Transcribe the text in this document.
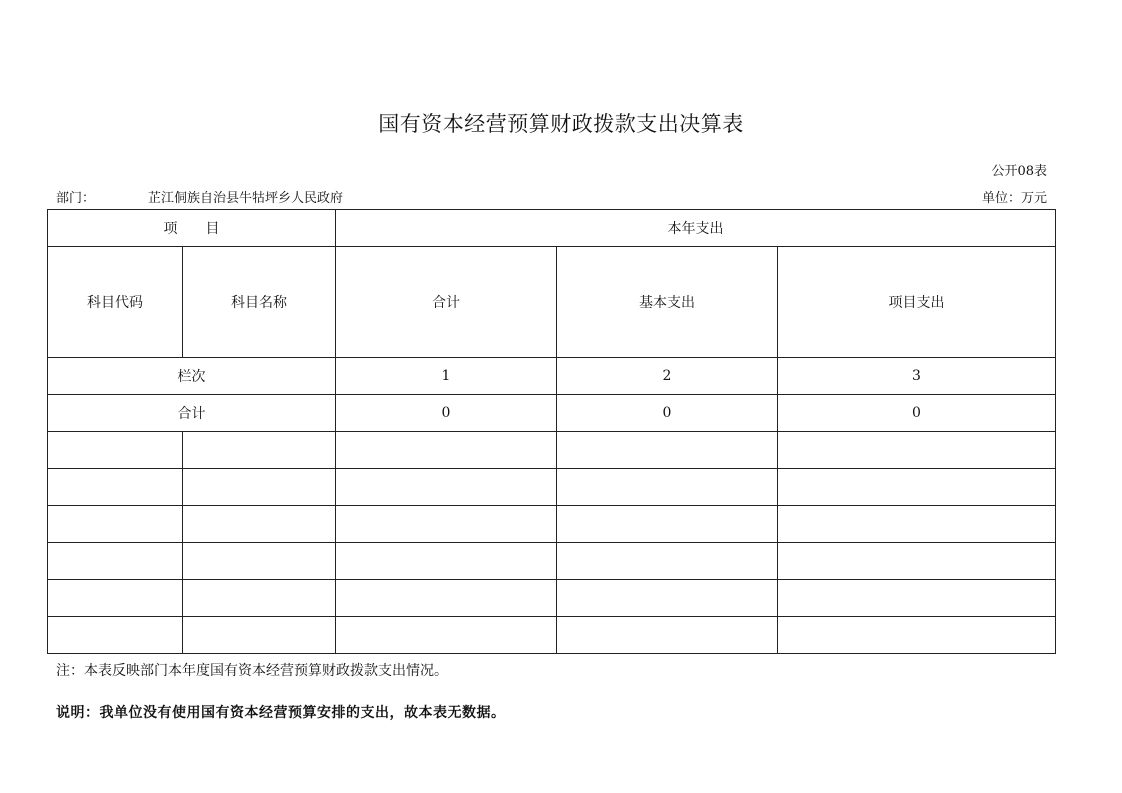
国有资本经营预算财政拨款支出决算表
公开08表
部门：	芷江侗族自治县牛牯坪乡人民政府	单位：万元
项　　目		本年支出		
科目代码	科目名称	合计	基本支出	项目支出
栏次		1	2	3
合计		0	0	0

注：本表反映部门本年度国有资本经营预算财政拨款支出情况。
说明：我单位没有使用国有资本经营预算安排的支出，故本表无数据。
